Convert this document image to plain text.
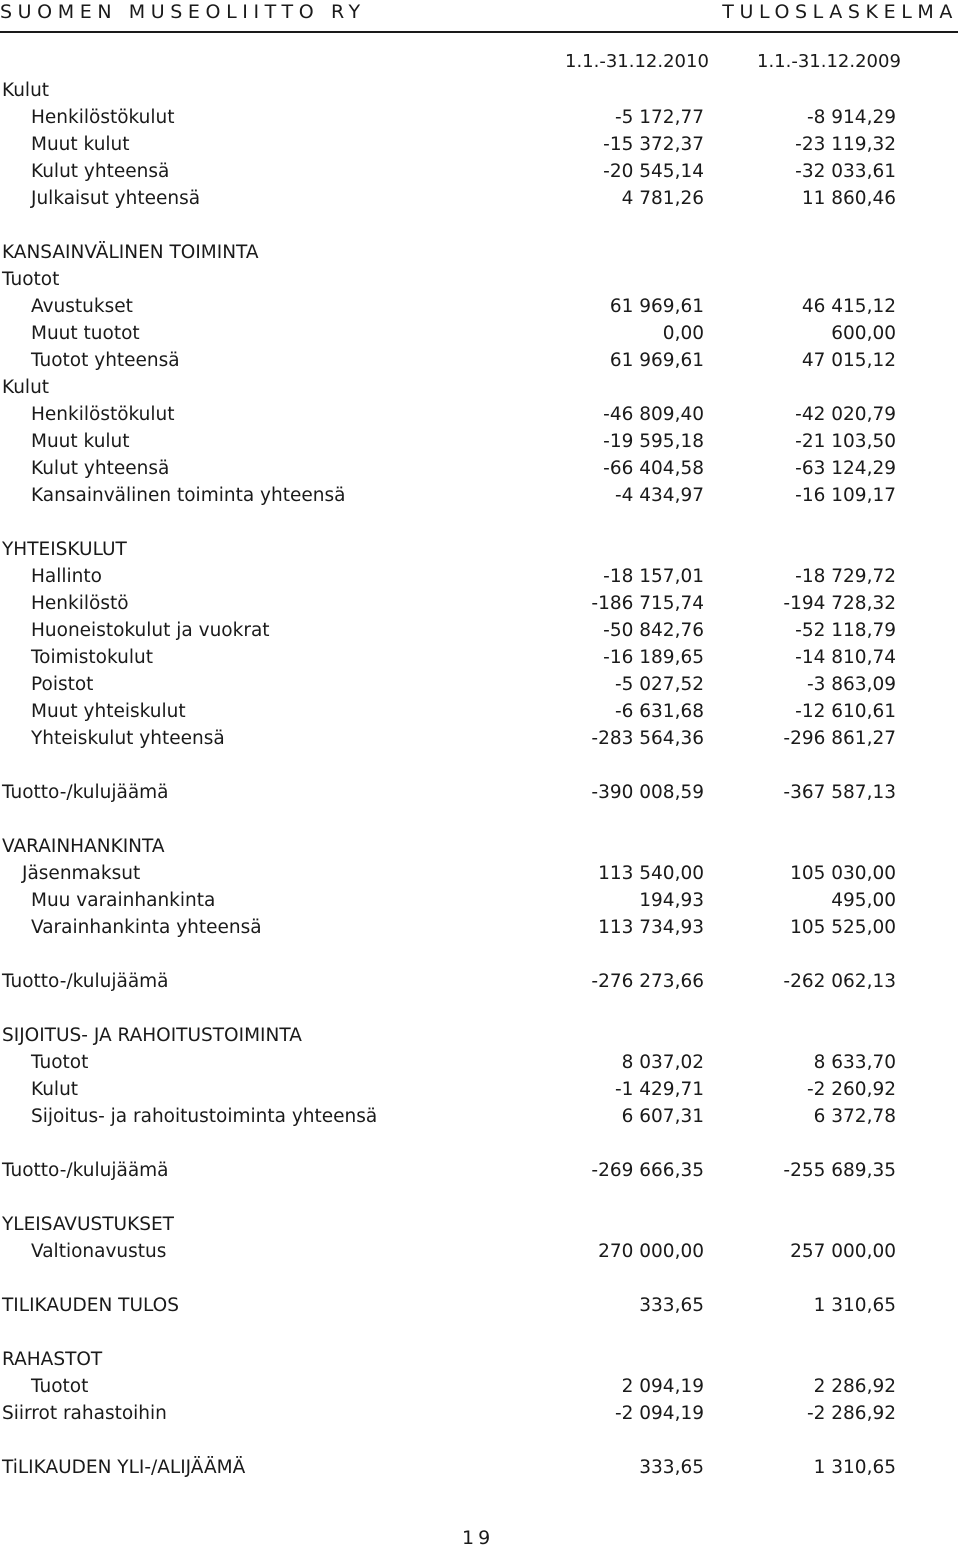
SUOMEN MUSEOLIITTO RY	TULOSLASKELMA
1.1.-31.12.2010	1.1.-31.12.2009
Kulut
Henkilöstökulut	-5 172,77	-8 914,29
Muut kulut	-15 372,37	-23 119,32
Kulut yhteensä	-20 545,14	-32 033,61
Julkaisut yhteensä	4 781,26	11 860,46
KANSAINVÄLINEN TOIMINTA
Tuotot
Avustukset	61 969,61	46 415,12
Muut tuotot	0,00	600,00
Tuotot yhteensä	61 969,61	47 015,12
Kulut
Henkilöstökulut	-46 809,40	-42 020,79
Muut kulut	-19 595,18	-21 103,50
Kulut yhteensä	-66 404,58	-63 124,29
Kansainvälinen toiminta yhteensä	-4 434,97	-16 109,17
YHTEISKULUT
Hallinto	-18 157,01	-18 729,72
Henkilöstö	-186 715,74	-194 728,32
Huoneistokulut ja vuokrat	-50 842,76	-52 118,79
Toimistokulut	-16 189,65	-14 810,74
Poistot	-5 027,52	-3 863,09
Muut yhteiskulut	-6 631,68	-12 610,61
Yhteiskulut yhteensä	-283 564,36	-296 861,27
Tuotto-/kulujäämä	-390 008,59	-367 587,13
VARAINHANKINTA
Jäsenmaksut	113 540,00	105 030,00
Muu varainhankinta	194,93	495,00
Varainhankinta yhteensä	113 734,93	105 525,00
Tuotto-/kulujäämä	-276 273,66	-262 062,13
SIJOITUS- JA RAHOITUSTOIMINTA
Tuotot	8 037,02	8 633,70
Kulut	-1 429,71	-2 260,92
Sijoitus- ja rahoitustoiminta yhteensä	6 607,31	6 372,78
Tuotto-/kulujäämä	-269 666,35	-255 689,35
YLEISAVUSTUKSET
Valtionavustus	270 000,00	257 000,00
TILIKAUDEN TULOS	333,65	1 310,65
RAHASTOT
Tuotot	2 094,19	2 286,92
Siirrot rahastoihin	-2 094,19	-2 286,92
TiLIKAUDEN YLI-/ALIJÄÄMÄ	333,65	1 310,65
19
